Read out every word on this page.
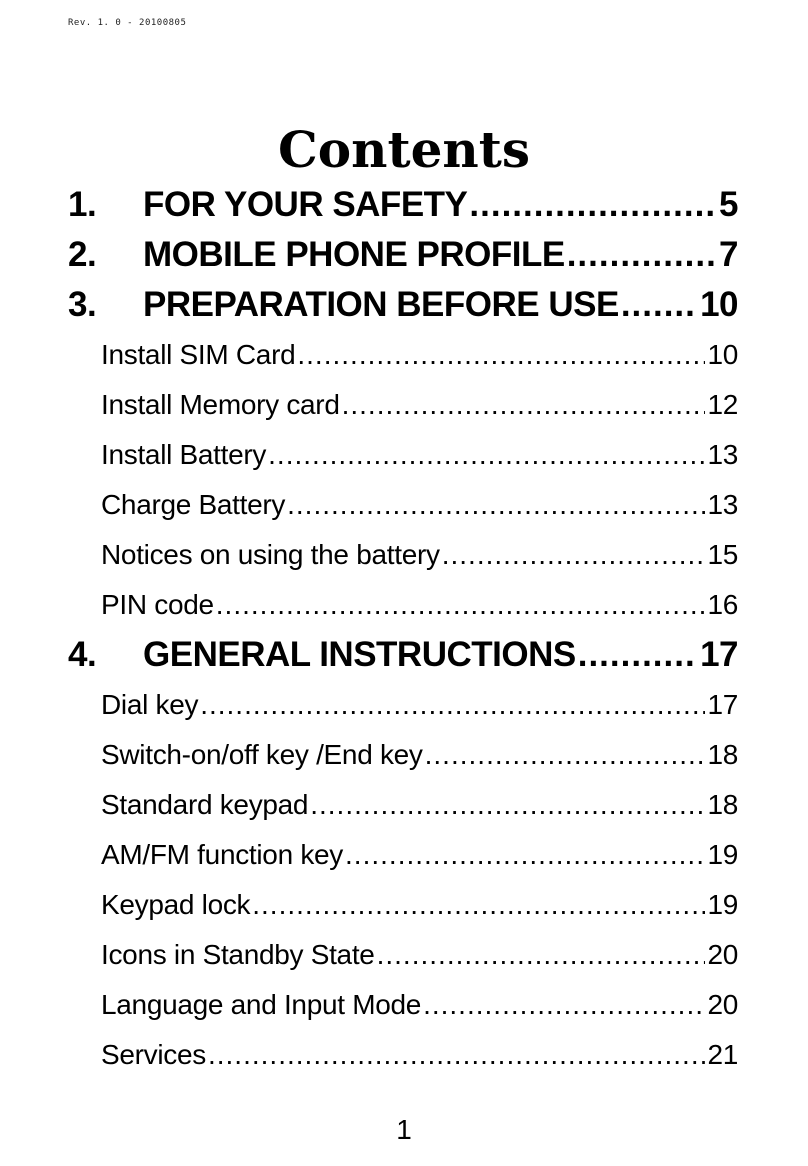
Rev. 1. 0 - 20100805
Contents
1.	FOR YOUR SAFETY .....	5
2.	MOBILE PHONE PROFILE .....	7
3.	PREPARATION BEFORE USE ..... 10
Install SIM Card .....	10
Install Memory card .....	12
Install Battery .....	13
Charge Battery .....	13
Notices on using the battery .....	15
PIN code .....	16
4.	GENERAL INSTRUCTIONS .....	17
Dial key .....	17
Switch-on/off key /End key .....	18
Standard keypad .....	18
AM/FM function key .....	19
Keypad lock .....	19
Icons in Standby State .....	20
Language and Input Mode .....	20
Services .....	21
1
